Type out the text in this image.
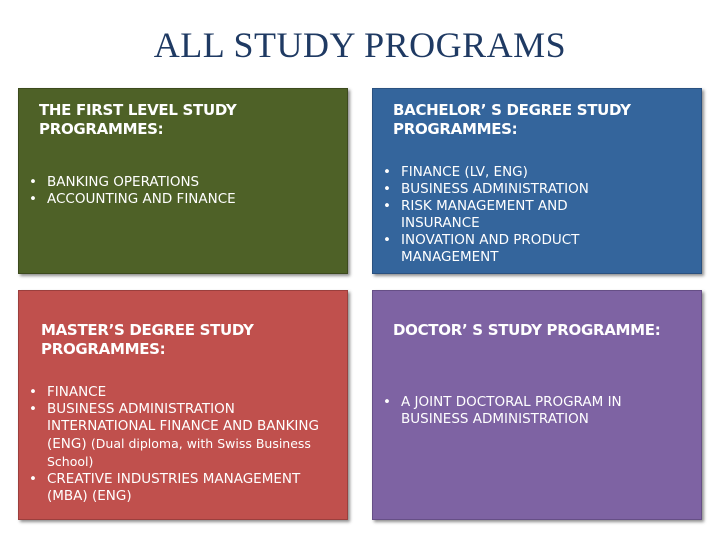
ALL STUDY PROGRAMS
THE FIRST LEVEL STUDY
PROGRAMMES:
• BANKING OPERATIONS
• ACCOUNTING AND FINANCE
BACHELOR’ S DEGREE STUDY
PROGRAMMES:
• FINANCE (LV, ENG)
• BUSINESS ADMINISTRATION
• RISK MANAGEMENT AND INSURANCE
• INOVATION AND PRODUCT MANAGEMENT
MASTER’S DEGREE STUDY
PROGRAMMES:
• FINANCE
• BUSINESS ADMINISTRATION
INTERNATIONAL FINANCE AND BANKING (ENG) (Dual diploma, with Swiss Business School)
• CREATIVE INDUSTRIES MANAGEMENT (MBA) (ENG)
DOCTOR’ S STUDY PROGRAMME:
• A JOINT DOCTORAL PROGRAM IN BUSINESS ADMINISTRATION
